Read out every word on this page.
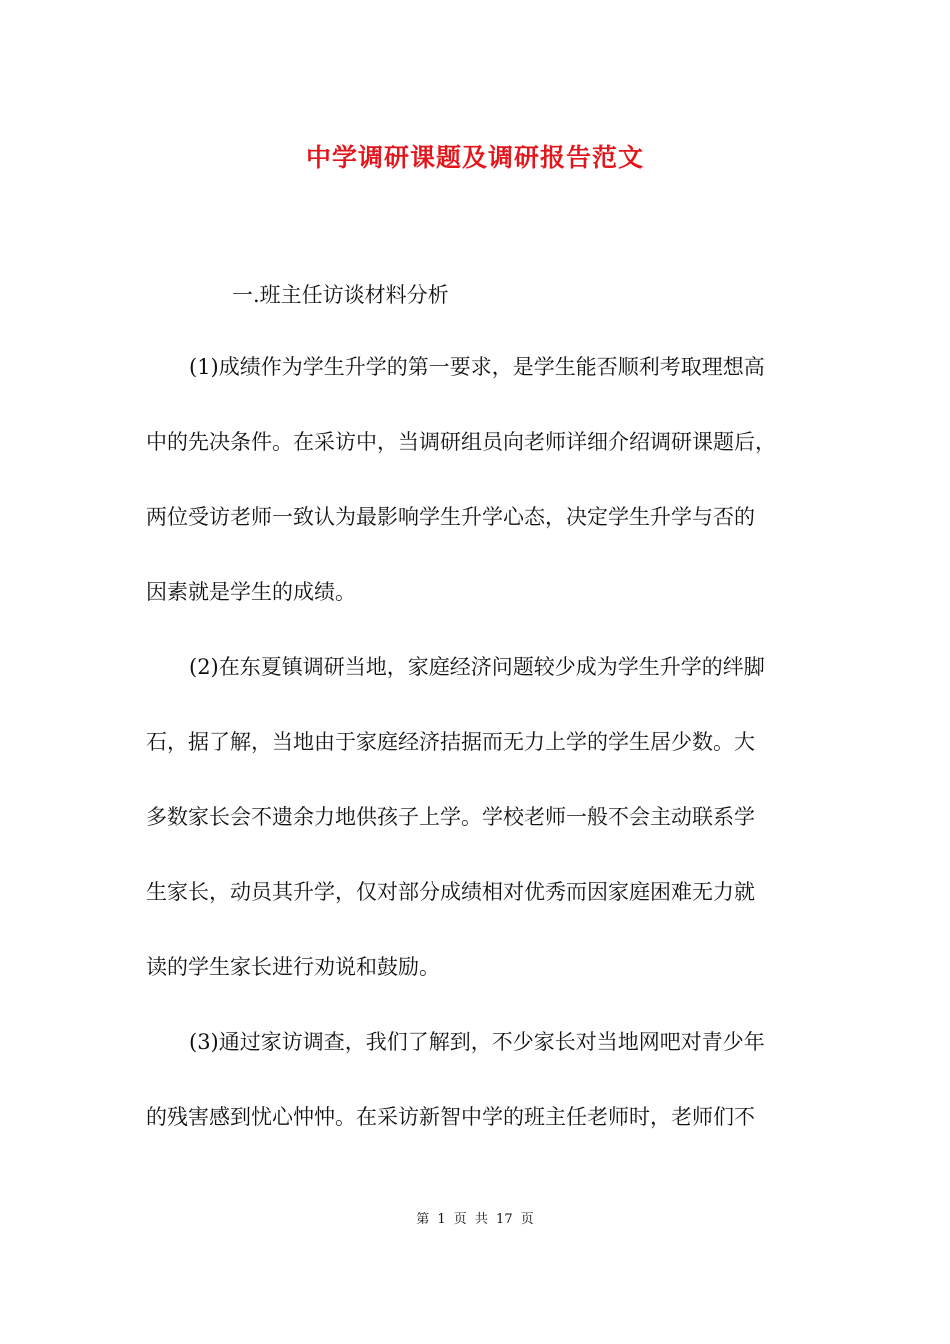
中学调研课题及调研报告范文

一.班主任访谈材料分析

(1)成绩作为学生升学的第一要求，是学生能否顺利考取理想高

中的先决条件。在采访中，当调研组员向老师详细介绍调研课题后，

两位受访老师一致认为最影响学生升学心态，决定学生升学与否的

因素就是学生的成绩。

(2)在东夏镇调研当地，家庭经济问题较少成为学生升学的绊脚

石，据了解，当地由于家庭经济拮据而无力上学的学生居少数。大

多数家长会不遗余力地供孩子上学。学校老师一般不会主动联系学

生家长，动员其升学，仅对部分成绩相对优秀而因家庭困难无力就

读的学生家长进行劝说和鼓励。

(3)通过家访调查，我们了解到，不少家长对当地网吧对青少年

的残害感到忧心忡忡。在采访新智中学的班主任老师时，老师们不

第 1 页 共 17 页
